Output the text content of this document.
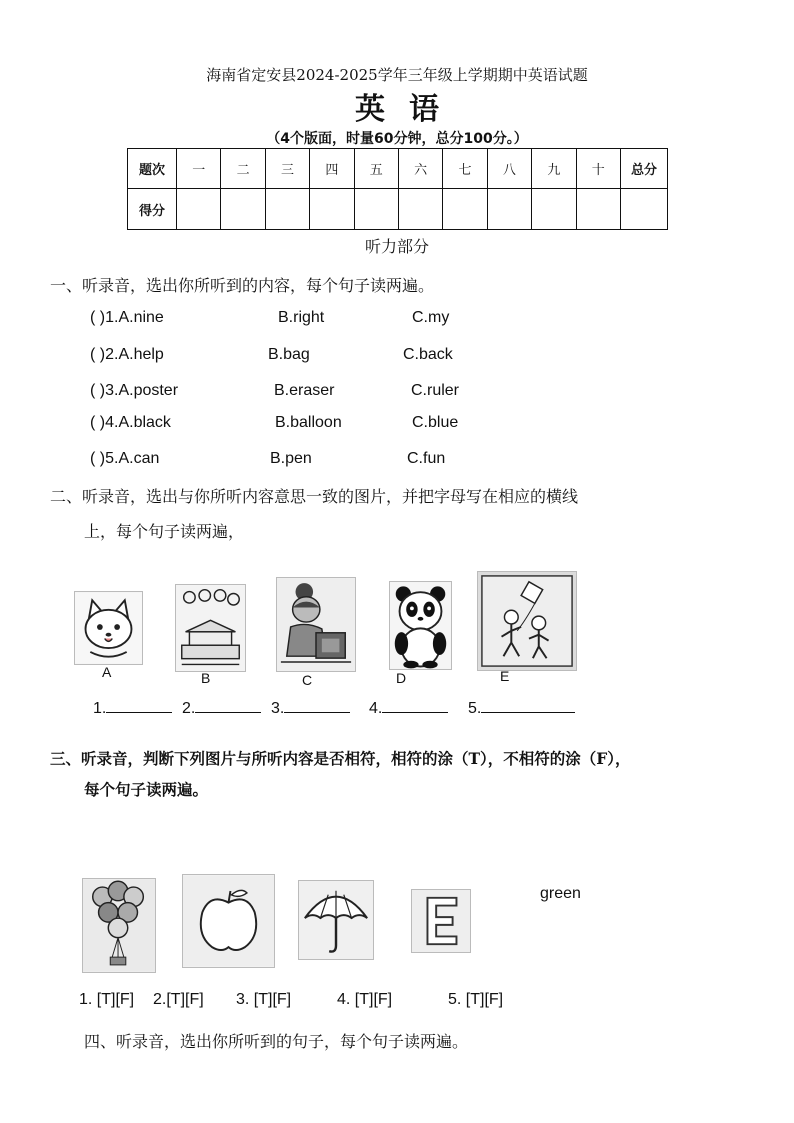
海南省定安县2024-2025学年三年级上学期期中英语试题
英语
（4个版面，时量60分钟，总分100分。）
题次	一	二	三	四	五	六	七	八	九	十	总分
得分											
听力部分
一、听录音，选出你所听到的内容，每个句子读两遍。
( )1.A.nine	B.right	C.my
( )2.A.help	B.bag	C.back
( )3.A.poster	B.eraser	C.ruler
( )4.A.black	B.balloon	C.blue
( )5.A.can	B.pen	C.fun
二、听录音，选出与你所听内容意思一致的图片，并把字母写在相应的横线
上，每个句子读两遍，
A	B	C	D	E
1.	2.	3.	4.	5.
三、听录音，判断下列图片与所听内容是否相符，相符的涂（T），不相符的涂（F），
每个句子读两遍。
green
1. [T][F] 2.[T][F] 3. [T][F]	4. [T][F]	5. [T][F]
四、听录音，选出你所听到的句子，每个句子读两遍。
